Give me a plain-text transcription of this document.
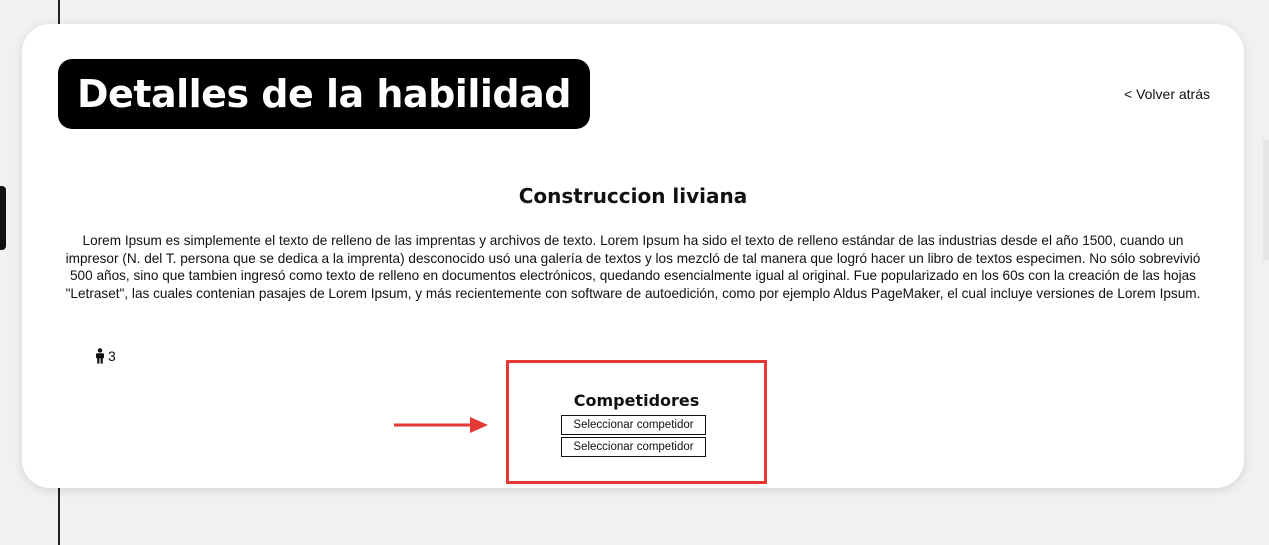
Detalles de la habilidad	< Volver atrás
Construccion liviana
Lorem Ipsum es simplemente el texto de relleno de las imprentas y archivos de texto. Lorem Ipsum ha sido el texto de relleno estándar de las industrias desde el año 1500, cuando un impresor (N. del T. persona que se dedica a la imprenta) desconocido usó una galería de textos y los mezcló de tal manera que logró hacer un libro de textos especimen. No sólo sobrevivió 500 años, sino que tambien ingresó como texto de relleno en documentos electrónicos, quedando esencialmente igual al original. Fue popularizado en los 60s con la creación de las hojas "Letraset", las cuales contenian pasajes de Lorem Ipsum, y más recientemente con software de autoedición, como por ejemplo Aldus PageMaker, el cual incluye versiones de Lorem Ipsum.
3
Competidores
Seleccionar competidor
Seleccionar competidor
